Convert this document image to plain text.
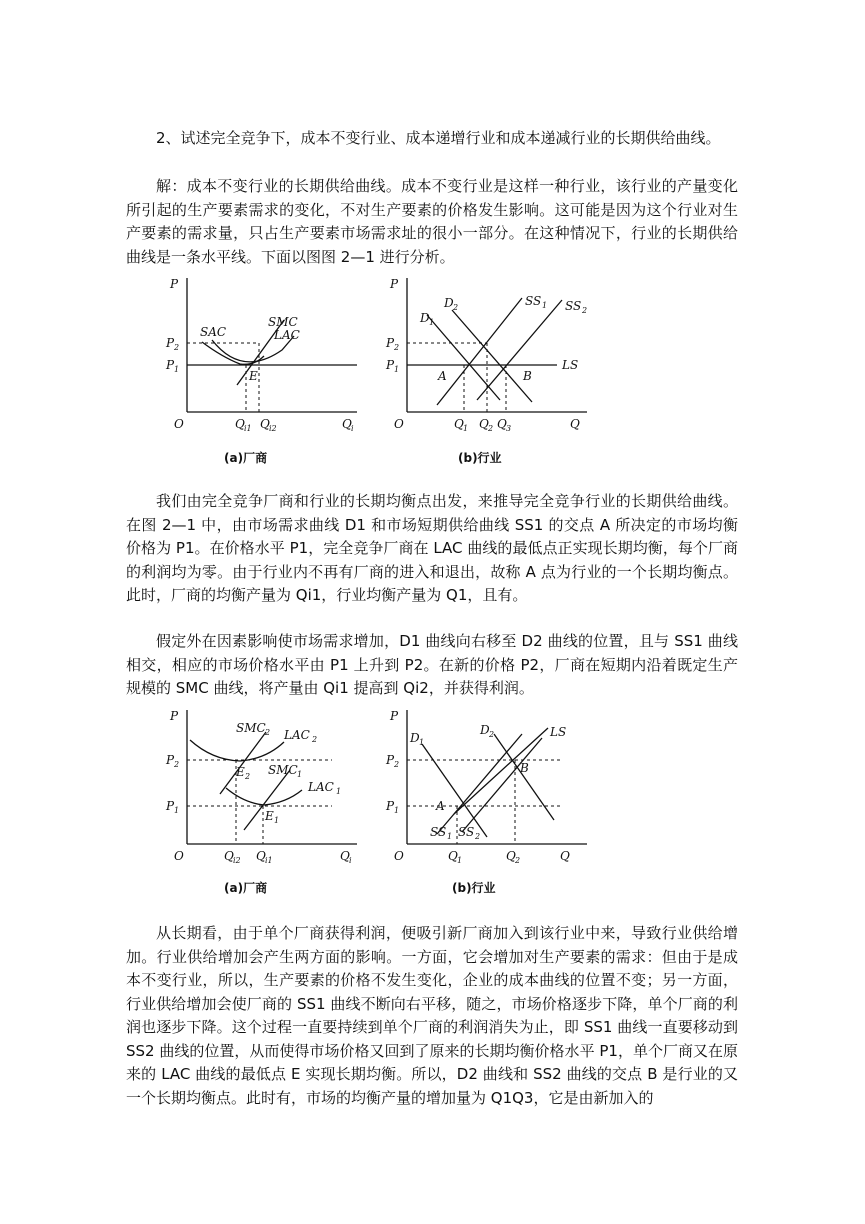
2、试述完全竞争下，成本不变行业、成本递增行业和成本递减行业的长期供给曲线。

解：成本不变行业的长期供给曲线。成本不变行业是这样一种行业，该行业的产量变化所引起的生产要素需求的变化，不对生产要素的价格发生影响。这可能是因为这个行业对生产要素的需求量，只占生产要素市场需求址的很小一部分。在这种情况下，行业的长期供给曲线是一条水平线。下面以图图 2—1 进行分析。

P
P 2
P 1
O
SAC
SMC
LAC
E
Q i1 Q i2	Q i
(a)厂商
P
P 2
P 1
O
D 1
D 2	SS 1 SS 2
LS
A	B
Q 1 Q 2 Q 3	Q
(b)行业

我们由完全竞争厂商和行业的长期均衡点出发，来推导完全竞争行业的长期供给曲线。在图 2—1 中，由市场需求曲线 D1 和市场短期供给曲线 SS1 的交点 A 所决定的市场均衡价格为 P1。在价格水平 P1，完全竞争厂商在 LAC 曲线的最低点正实现长期均衡，每个厂商的利润均为零。由于行业内不再有厂商的进入和退出，故称 A 点为行业的一个长期均衡点。此时，厂商的均衡产量为 Qi1，行业均衡产量为 Q1，且有。

假定外在因素影响使市场需求增加，D1 曲线向右移至 D2 曲线的位置，且与 SS1 曲线相交，相应的市场价格水平由 P1 上升到 P2。在新的价格 P2，厂商在短期内沿着既定生产规模的 SMC 曲线，将产量由 Qi1 提高到 Qi2，并获得利润。

P
P 2
P 1
O
SMC 2 LAC 2
SMC 1
LAC 1
E 2
E 1
Q i2 Q i1	Q i
(a)厂商
P
P 2
P 1
O
D 1
D 2	LS
A
B
SS 1 SS 2
Q 1	Q 2	Q
(b)行业

从长期看，由于单个厂商获得利润，便吸引新厂商加入到该行业中来，导致行业供给增加。行业供给增加会产生两方面的影响。一方面，它会增加对生产要素的需求：但由于是成本不变行业，所以，生产要素的价格不发生变化，企业的成本曲线的位置不变；另一方面，行业供给增加会使厂商的 SS1 曲线不断向右平移，随之，市场价格逐步下降，单个厂商的利润也逐步下降。这个过程一直要持续到单个厂商的利润消失为止，即 SS1 曲线一直要移动到 SS2 曲线的位置，从而使得市场价格又回到了原来的长期均衡价格水平 P1，单个厂商又在原来的 LAC 曲线的最低点 E 实现长期均衡。所以，D2 曲线和 SS2 曲线的交点 B 是行业的又一个长期均衡点。此时有，市场的均衡产量的增加量为 Q1Q3，它是由新加入的
